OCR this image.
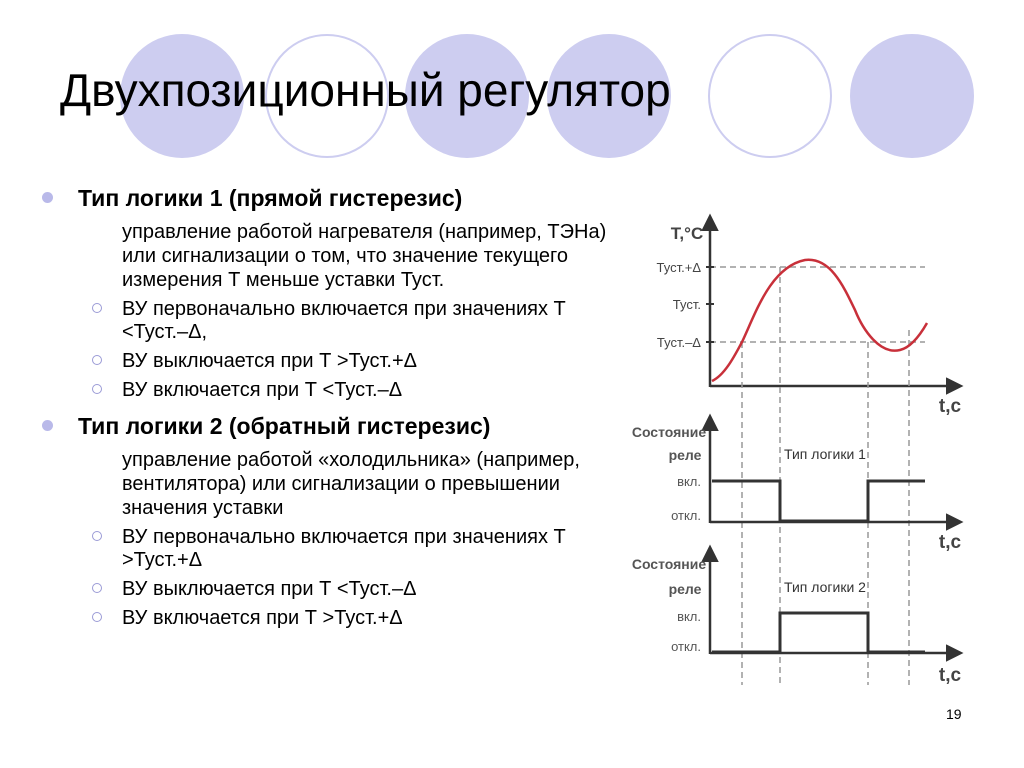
Двухпозиционный регулятор
Тип логики 1 (прямой гистерезис)
управление работой нагревателя (например, ТЭНа) или сигнализации о том, что значение текущего измерения Т меньше уставки Туст.
ВУ первоначально включается при значениях Т <Туст.–Δ,
ВУ выключается при Т >Туст.+Δ
ВУ включается при Т <Туст.–Δ
Тип логики 2 (обратный гистерезис)
управление работой «холодильника» (например, вентилятора) или сигнализации о превышении значения уставки
ВУ первоначально включается при значениях Т >Туст.+Δ
ВУ выключается при Т <Туст.–Δ
ВУ включается при Т >Туст.+Δ
Т,°С
t,c
Туст.+Δ
Туст.
Туст.–Δ
Состояние
реле
вкл.
откл.
Тип логики 1
t,c
Состояние
реле
вкл.
откл.
Тип логики 2
t,c
19
